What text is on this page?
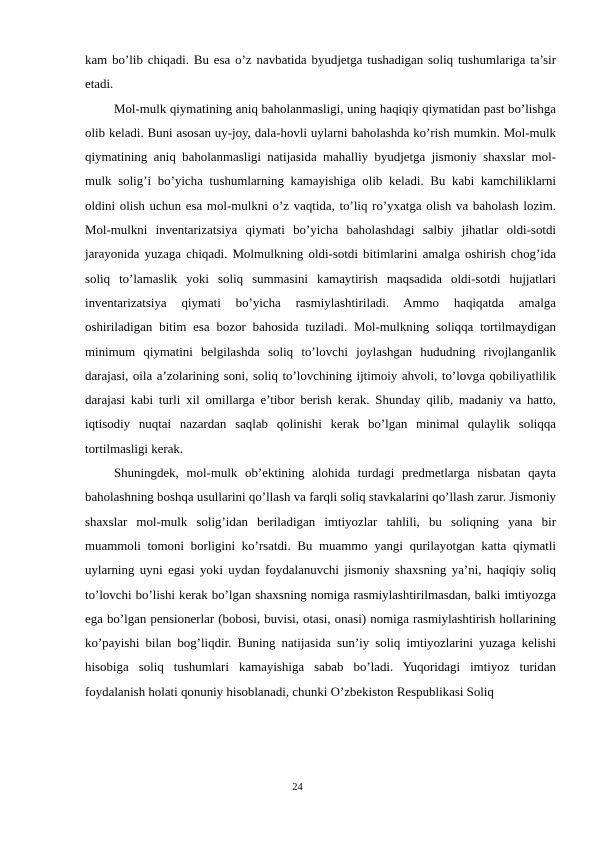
kam bo’lib chiqadi. Bu esa o’z navbatida byudjetga tushadigan soliq tushumlariga ta’sir etadi.

Mol-mulk qiymatining aniq baholanmasligi, uning haqiqiy qiymatidan past bo’lishga olib keladi. Buni asosan uy-joy, dala-hovli uylarni baholashda ko’rish mumkin. Mol-mulk qiymatining aniq baholanmasligi natijasida mahalliy byudjetga jismoniy shaxslar mol-mulk solig’i bo’yicha tushumlarning kamayishiga olib keladi. Bu kabi kamchiliklarni oldini olish uchun esa mol-mulkni o’z vaqtida, to’liq ro’yxatga olish va baholash lozim. Mol-mulkni inventarizatsiya qiymati bo’yicha baholashdagi salbiy jihatlar oldi-sotdi jarayonida yuzaga chiqadi. Molmulkning oldi-sotdi bitimlarini amalga oshirish chog’ida soliq to’lamaslik yoki soliq summasini kamaytirish maqsadida oldi-sotdi hujjatlari inventarizatsiya qiymati bo’yicha rasmiylashtiriladi. Ammo haqiqatda amalga oshiriladigan bitim esa bozor bahosida tuziladi. Mol-mulkning soliqqa tortilmaydigan minimum qiymatini belgilashda soliq to’lovchi joylashgan hududning rivojlanganlik darajasi, oila a’zolarining soni, soliq to’lovchining ijtimoiy ahvoli, to’lovga qobiliyatlilik darajasi kabi turli xil omillarga e’tibor berish kerak. Shunday qilib, madaniy va hatto, iqtisodiy nuqtai nazardan saqlab qolinishi kerak bo’lgan minimal qulaylik soliqqa tortilmasligi kerak.

Shuningdek, mol-mulk ob’ektining alohida turdagi predmetlarga nisbatan qayta baholashning boshqa usullarini qo’llash va farqli soliq stavkalarini qo’llash zarur. Jismoniy shaxslar mol-mulk solig’idan beriladigan imtiyozlar tahlili, bu soliqning yana bir muammoli tomoni borligini ko’rsatdi. Bu muammo yangi qurilayotgan katta qiymatli uylarning uyni egasi yoki uydan foydalanuvchi jismoniy shaxsning ya’ni, haqiqiy soliq to’lovchi bo’lishi kerak bo’lgan shaxsning nomiga rasmiylashtirilmasdan, balki imtiyozga ega bo’lgan pensionerlar (bobosi, buvisi, otasi, onasi) nomiga rasmiylashtirish hollarining ko’payishi bilan bog’liqdir. Buning natijasida sun’iy soliq imtiyozlarini yuzaga kelishi hisobiga soliq tushumlari kamayishiga sabab bo’ladi. Yuqoridagi imtiyoz turidan foydalanish holati qonuniy hisoblanadi, chunki O’zbekiston Respublikasi Soliq

24
